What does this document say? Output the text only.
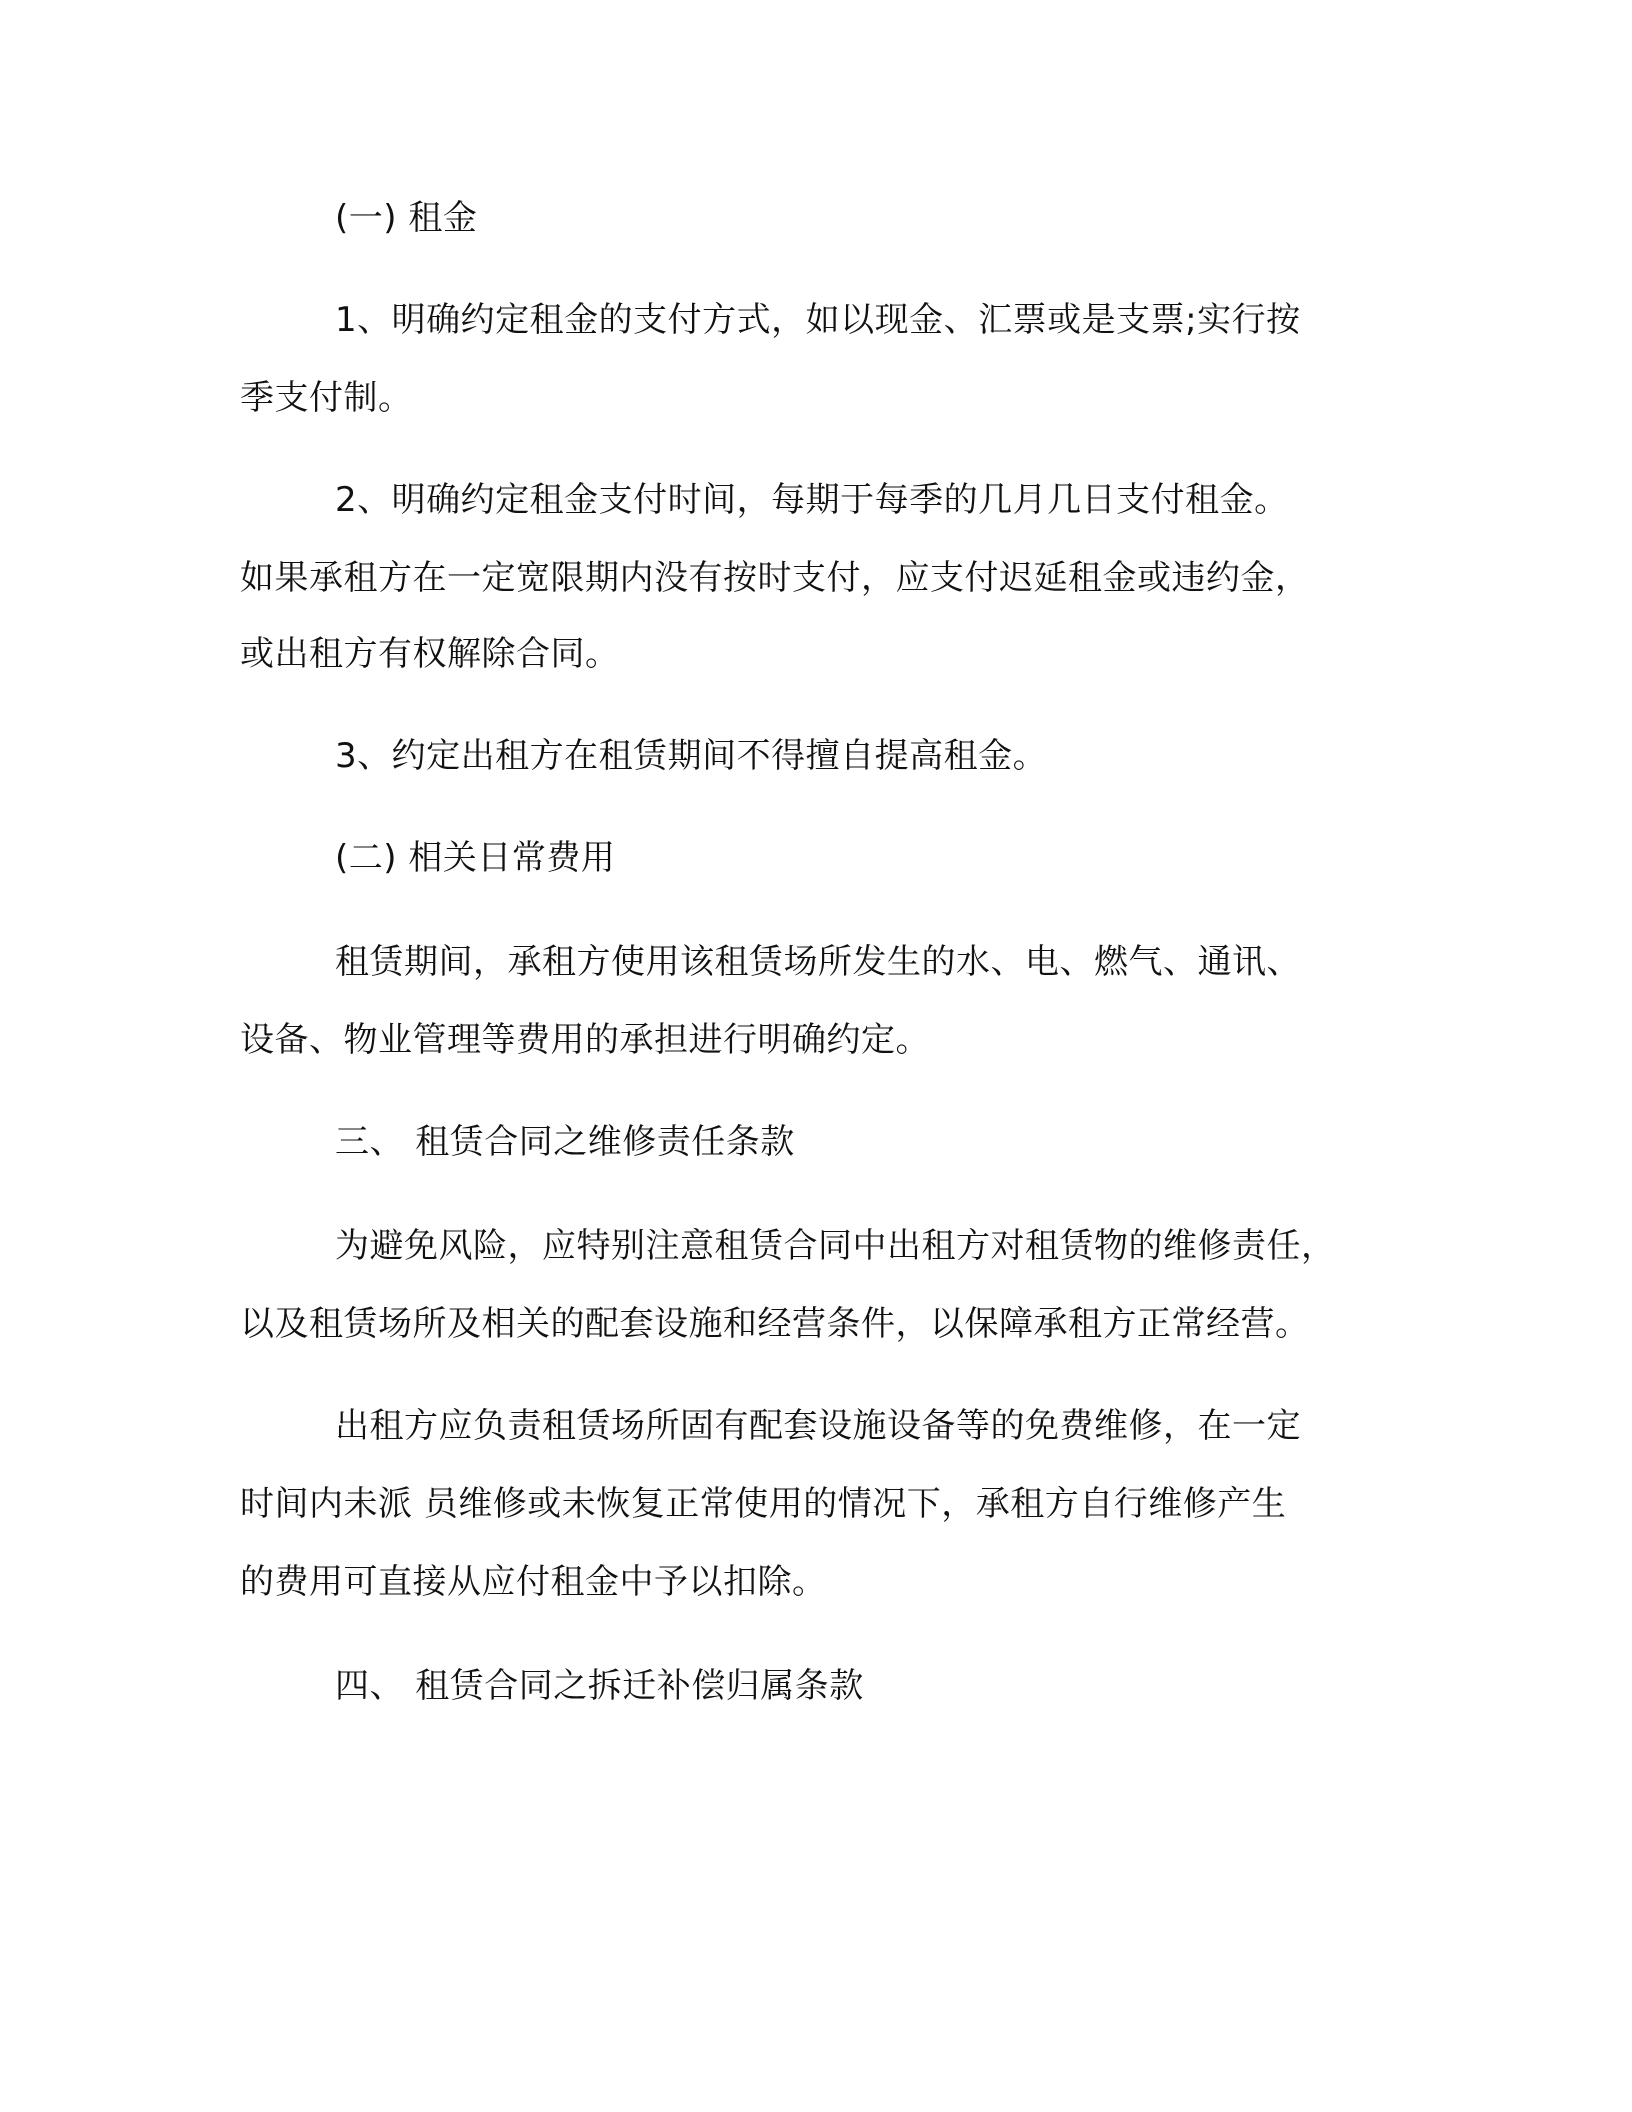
(一) 租金
1、明确约定租金的支付方式，如以现金、汇票或是支票;实行按
季支付制。
2、明确约定租金支付时间，每期于每季的几月几日支付租金。
如果承租方在一定宽限期内没有按时支付，应支付迟延租金或违约金，
或出租方有权解除合同。
3、约定出租方在租赁期间不得擅自提高租金。
(二) 相关日常费用
租赁期间，承租方使用该租赁场所发生的水、电、燃气、通讯、
设备、物业管理等费用的承担进行明确约定。
三、 租赁合同之维修责任条款
为避免风险，应特别注意租赁合同中出租方对租赁物的维修责任，
以及租赁场所及相关的配套设施和经营条件，以保障承租方正常经营。
出租方应负责租赁场所固有配套设施设备等的免费维修，在一定
时间内未派 员维修或未恢复正常使用的情况下，承租方自行维修产生
的费用可直接从应付租金中予以扣除。
四、 租赁合同之拆迁补偿归属条款
